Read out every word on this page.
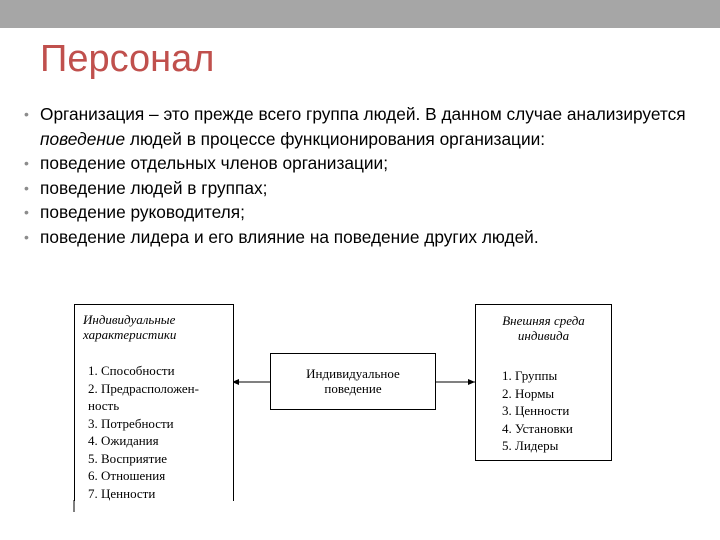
Персонал
• Организация – это прежде всего группа людей. В данном случае анализируется поведение людей в процессе функционирования организации:
• поведение отдельных членов организации;
• поведение людей в группах;
• поведение руководителя;
• поведение лидера и его влияние на поведение других людей.
Индивидуальные
характеристики
1. Способности
2. Предрасположен-
ность
3. Потребности
4. Ожидания
5. Восприятие
6. Отношения
7. Ценности
Индивидуальное
поведение
Внешняя среда
индивида
1. Группы
2. Нормы
3. Ценности
4. Установки
5. Лидеры
